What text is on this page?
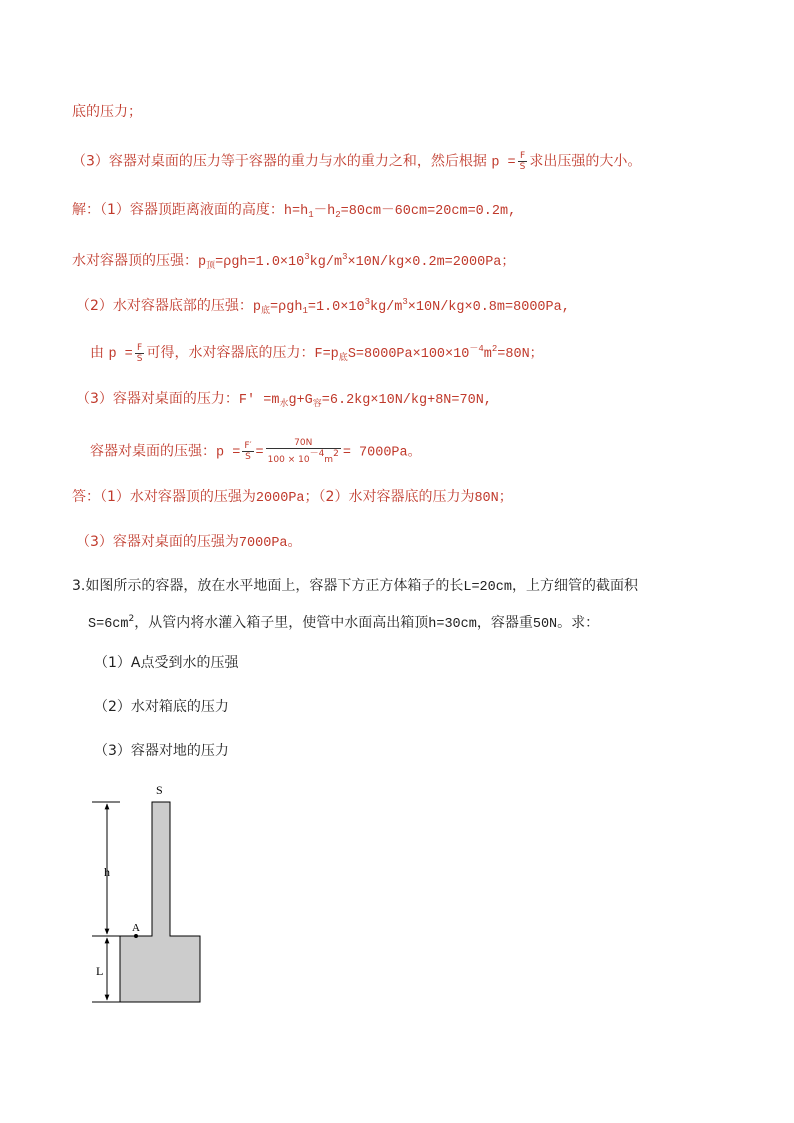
底的压力；
（3）容器对桌面的压力等于容器的重力与水的重力之和，然后根据 $p = \frac{F}{S}$ 求出压强的大小。
解：（1）容器顶距离液面的高度：$h=h_1-h_2=80cm-60cm=20cm=0.2m$,
水对容器顶的压强：$p_顶=\rho gh=1.0\times 10^3kg/m^3\times 10N/kg\times 0.2m=2000Pa$；
（2）水对容器底部的压强：$p_底=\rho gh_1=1.0\times 10^3kg/m^3\times 10N/kg\times 0.8m=8000Pa$,
由 $p = \frac{F}{S}$ 可得，水对容器底的压力：$F=p_底S=8000Pa\times 100\times 10^{-4}m^2=80N$；
（3）容器对桌面的压力：$F' =m_水g+G_容=6.2kg\times 10N/kg+8N=70N$,
容器对桌面的压强：$p = \frac{F'}{S} = \frac{70N}{100 \times 10^{-4}m^2} = 7000Pa$。
答：（1）水对容器顶的压强为2000Pa；（2）水对容器底的压力为80N；
（3）容器对桌面的压强为7000Pa。
3.如图所示的容器，放在水平地面上，容器下方正方体箱子的长L=20cm，上方细管的截面积
$S=6cm^2$，从管内将水灌入箱子里，使管中水面高出箱顶h=30cm，容器重50N。求：
（1）A点受到水的压强
（2）水对箱底的压力
（3）容器对地的压力
S
h
A
L
